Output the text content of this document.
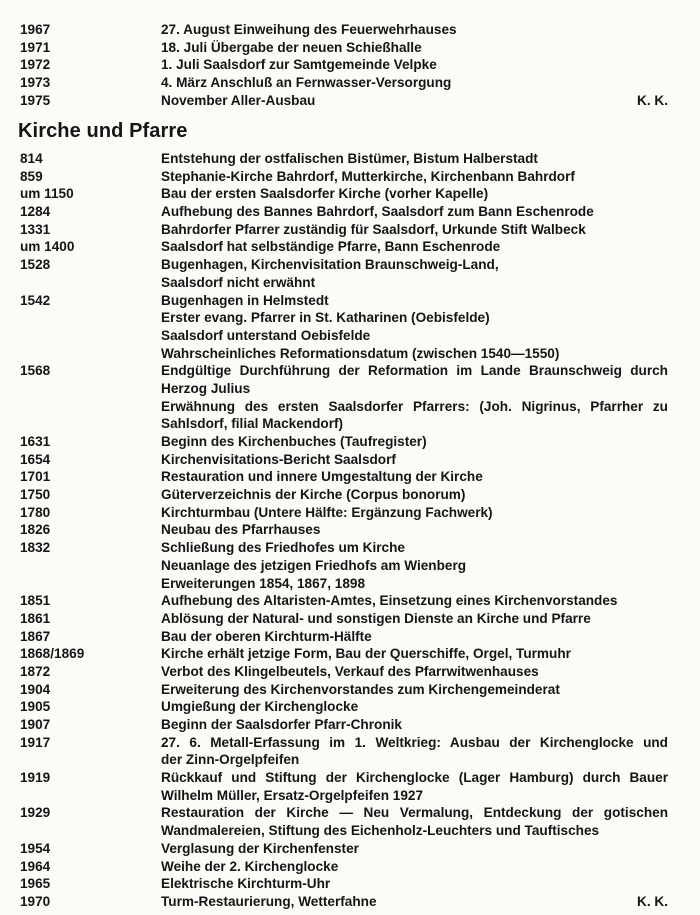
1967	27. August Einweihung des Feuerwehrhauses
1971	18. Juli Übergabe der neuen Schießhalle
1972	1. Juli Saalsdorf zur Samtgemeinde Velpke
1973	4. März Anschluß an Fernwasser-Versorgung
1975	November Aller-Ausbau	K. K.
Kirche und Pfarre
814	Entstehung der ostfalischen Bistümer, Bistum Halberstadt
859	Stephanie-Kirche Bahrdorf, Mutterkirche, Kirchenbann Bahrdorf
um 1150	Bau der ersten Saalsdorfer Kirche (vorher Kapelle)
1284	Aufhebung des Bannes Bahrdorf, Saalsdorf zum Bann Eschenrode
1331	Bahrdorfer Pfarrer zuständig für Saalsdorf, Urkunde Stift Walbeck
um 1400	Saalsdorf hat selbständige Pfarre, Bann Eschenrode
1528	Bugenhagen, Kirchenvisitation Braunschweig-Land,
Saalsdorf nicht erwähnt
1542	Bugenhagen in Helmstedt
Erster evang. Pfarrer in St. Katharinen (Oebisfelde)
Saalsdorf unterstand Oebisfelde
Wahrscheinliches Reformationsdatum (zwischen 1540—1550)
1568	Endgültige Durchführung der Reformation im Lande Braunschweig durch
Herzog Julius
Erwähnung des ersten Saalsdorfer Pfarrers: (Joh. Nigrinus, Pfarrher zu
Sahlsdorf, filial Mackendorf)
1631	Beginn des Kirchenbuches (Taufregister)
1654	Kirchenvisitations-Bericht Saalsdorf
1701	Restauration und innere Umgestaltung der Kirche
1750	Güterverzeichnis der Kirche (Corpus bonorum)
1780	Kirchturmbau (Untere Hälfte: Ergänzung Fachwerk)
1826	Neubau des Pfarrhauses
1832	Schließung des Friedhofes um Kirche
Neuanlage des jetzigen Friedhofs am Wienberg
Erweiterungen 1854, 1867, 1898
1851	Aufhebung des Altaristen-Amtes, Einsetzung eines Kirchenvorstandes
1861	Ablösung der Natural- und sonstigen Dienste an Kirche und Pfarre
1867	Bau der oberen Kirchturm-Hälfte
1868/1869	Kirche erhält jetzige Form, Bau der Querschiffe, Orgel, Turmuhr
1872	Verbot des Klingelbeutels, Verkauf des Pfarrwitwenhauses
1904	Erweiterung des Kirchenvorstandes zum Kirchengemeinderat
1905	Umgießung der Kirchenglocke
1907	Beginn der Saalsdorfer Pfarr-Chronik
1917	27. 6. Metall-Erfassung im 1. Weltkrieg: Ausbau der Kirchenglocke und
der Zinn-Orgelpfeifen
1919	Rückkauf und Stiftung der Kirchenglocke (Lager Hamburg) durch Bauer
Wilhelm Müller, Ersatz-Orgelpfeifen 1927
1929	Restauration der Kirche — Neu Vermalung, Entdeckung der gotischen
Wandmalereien, Stiftung des Eichenholz-Leuchters und Tauftisches
1954	Verglasung der Kirchenfenster
1964	Weihe der 2. Kirchenglocke
1965	Elektrische Kirchturm-Uhr
1970	Turm-Restaurierung, Wetterfahne	K. K.
